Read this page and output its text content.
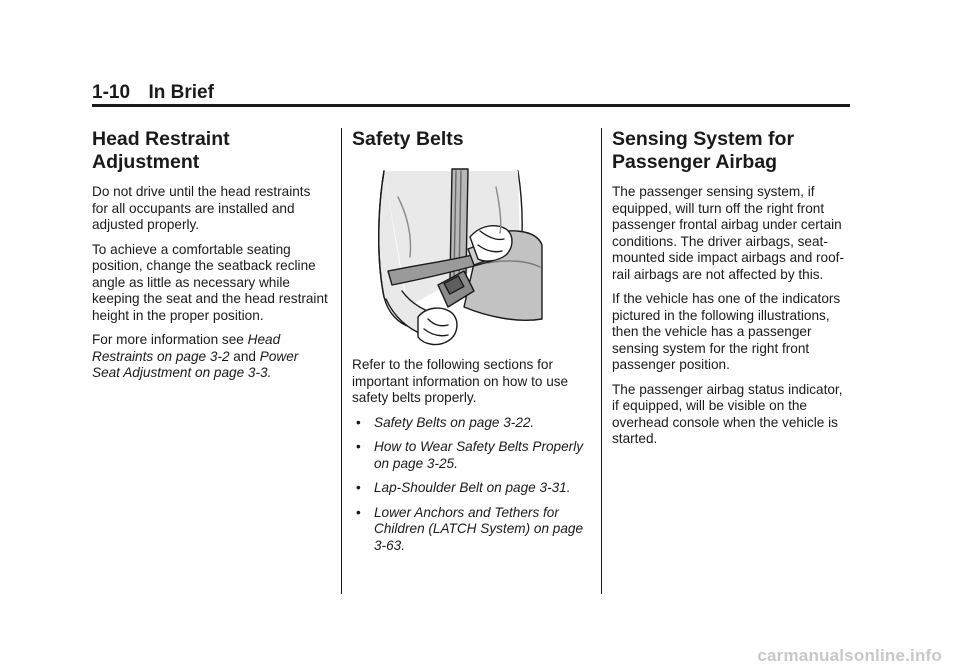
1-10 In Brief
Head Restraint Adjustment

Do not drive until the head restraints for all occupants are installed and adjusted properly.

To achieve a comfortable seating position, change the seatback recline angle as little as necessary while keeping the seat and the head restraint height in the proper position.

For more information see Head Restraints on page 3-2 and Power Seat Adjustment on page 3-3.

Safety Belts

Refer to the following sections for important information on how to use safety belts properly.

• Safety Belts on page 3-22.
• How to Wear Safety Belts Properly on page 3-25.
• Lap-Shoulder Belt on page 3-31.
• Lower Anchors and Tethers for Children (LATCH System) on page 3-63.
Sensing System for Passenger Airbag

The passenger sensing system, if equipped, will turn off the right front passenger frontal airbag under certain conditions. The driver airbags, seat-mounted side impact airbags and roof-rail airbags are not affected by this.

If the vehicle has one of the indicators pictured in the following illustrations, then the vehicle has a passenger sensing system for the right front passenger position.

The passenger airbag status indicator, if equipped, will be visible on the overhead console when the vehicle is started.

carmanualsonline.info
